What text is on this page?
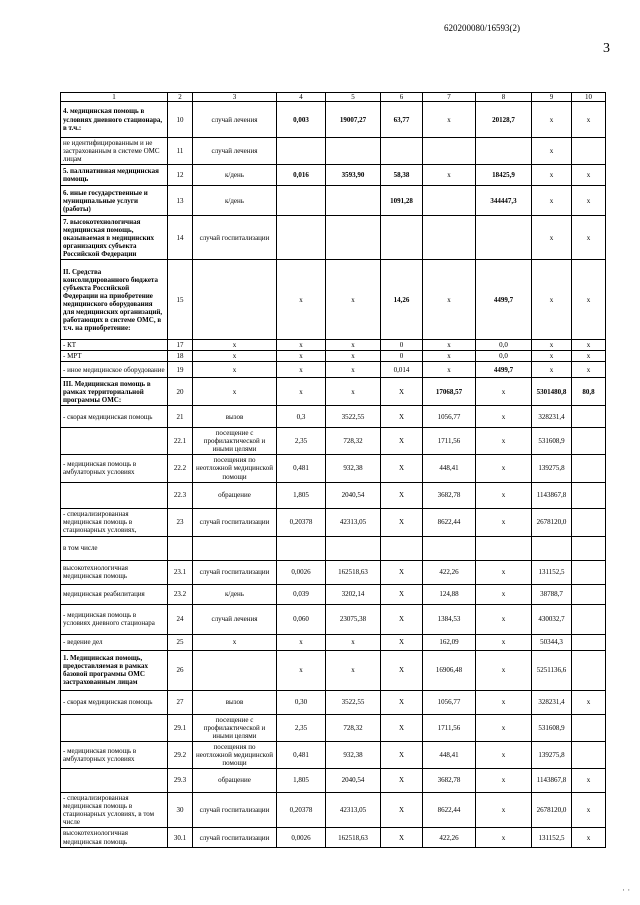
620200080/16593(2)
3
1	2	3	4	5	6	7	8	9	10
4. медицинская помощь в условиях дневного стационара, в т.ч.:	10	случай лечения	0,003	19007,27	63,77	х	20128,7	х	х
не идентифицированным и не застрахованным в системе ОМС лицам	11	случай лечения						х	
5. паллиативная медицинская помощь	12	к/день	0,016	3593,90	58,38	х	18425,9	х	х
6. иные государственные и муниципальные услуги (работы)	13	к/день			1091,28		344447,3	х	х
7. высокотехнологичная медицинская помощь, оказываемая в медицинских организациях субъекта Российской Федерации	14	случай госпитализации						х	х
II. Средства консолидированного бюджета субъекта Российской Федерации на приобретение медицинского оборудования для медицинских организаций, работающих в системе ОМС, в т.ч. на приобретение:	15		х	х	14,26	х	4499,7	х	х
- КТ	17	х	х	х	0	х	0,0	х	х
- МРТ	18	х	х	х	0	х	0,0	х	х
- иное медицинское оборудование	19	х	х	х	0,014	х	4499,7	х	х
III. Медицинская помощь в рамках территориальной программы ОМС:	20	х	х	х	Х	17068,57	х	5301480,8	80,8
- скорая медицинская помощь	21	вызов	0,3	3522,55	Х	1056,77	х	328231,4	
	22.1	посещение с профилактической и иными целями	2,35	728,32	Х	1711,56	х	531608,9	
- медицинская помощь в амбулаторных условиях	22.2	посещения по неотложной медицинской помощи	0,481	932,38	Х	448,41	х	139275,8	
	22.3	обращение	1,805	2040,54	Х	3682,78	х	1143867,8	
- специализированная медицинская помощь в стационарных условиях,	23	случай госпитализации	0,20378	42313,05	Х	8622,44	х	2678120,0	
в том числе									
высокотехнологичная медицинская помощь	23.1	случай госпитализации	0,0026	162518,63	Х	422,26	х	131152,5	
медицинская реабилитация	23.2	к/день	0,039	3202,14	Х	124,88	х	38788,7	
- медицинская помощь в условиях дневного стационара	24	случай лечения	0,060	23075,38	Х	1384,53	х	430032,7	
- ведение дел	25	х	х	х	Х	162,09	х	50344,3	
1. Медицинская помощь, предоставляемая в рамках базовой программы ОМС застрахованным лицам	26		х	х	Х	16906,48	х	5251136,6	
- скорая медицинская помощь	27	вызов	0,30	3522,55	Х	1056,77	х	328231,4	х
	29.1	посещение с профилактической и иными целями	2,35	728,32	Х	1711,56	х	531608,9	
- медицинская помощь в амбулаторных условиях	29.2	посещения по неотложной медицинской помощи	0,481	932,38	Х	448,41	х	139275,8	
	29.3	обращение	1,805	2040,54	Х	3682,78	х	1143867,8	х
- специализированная медицинская помощь в стационарных условиях, в том числе	30	случай госпитализации	0,20378	42313,05	Х	8622,44	х	2678120,0	х
высокотехнологичная медицинская помощь	30.1	случай госпитализации	0,0026	162518,63	Х	422,26	х	131152,5	х
· ·
